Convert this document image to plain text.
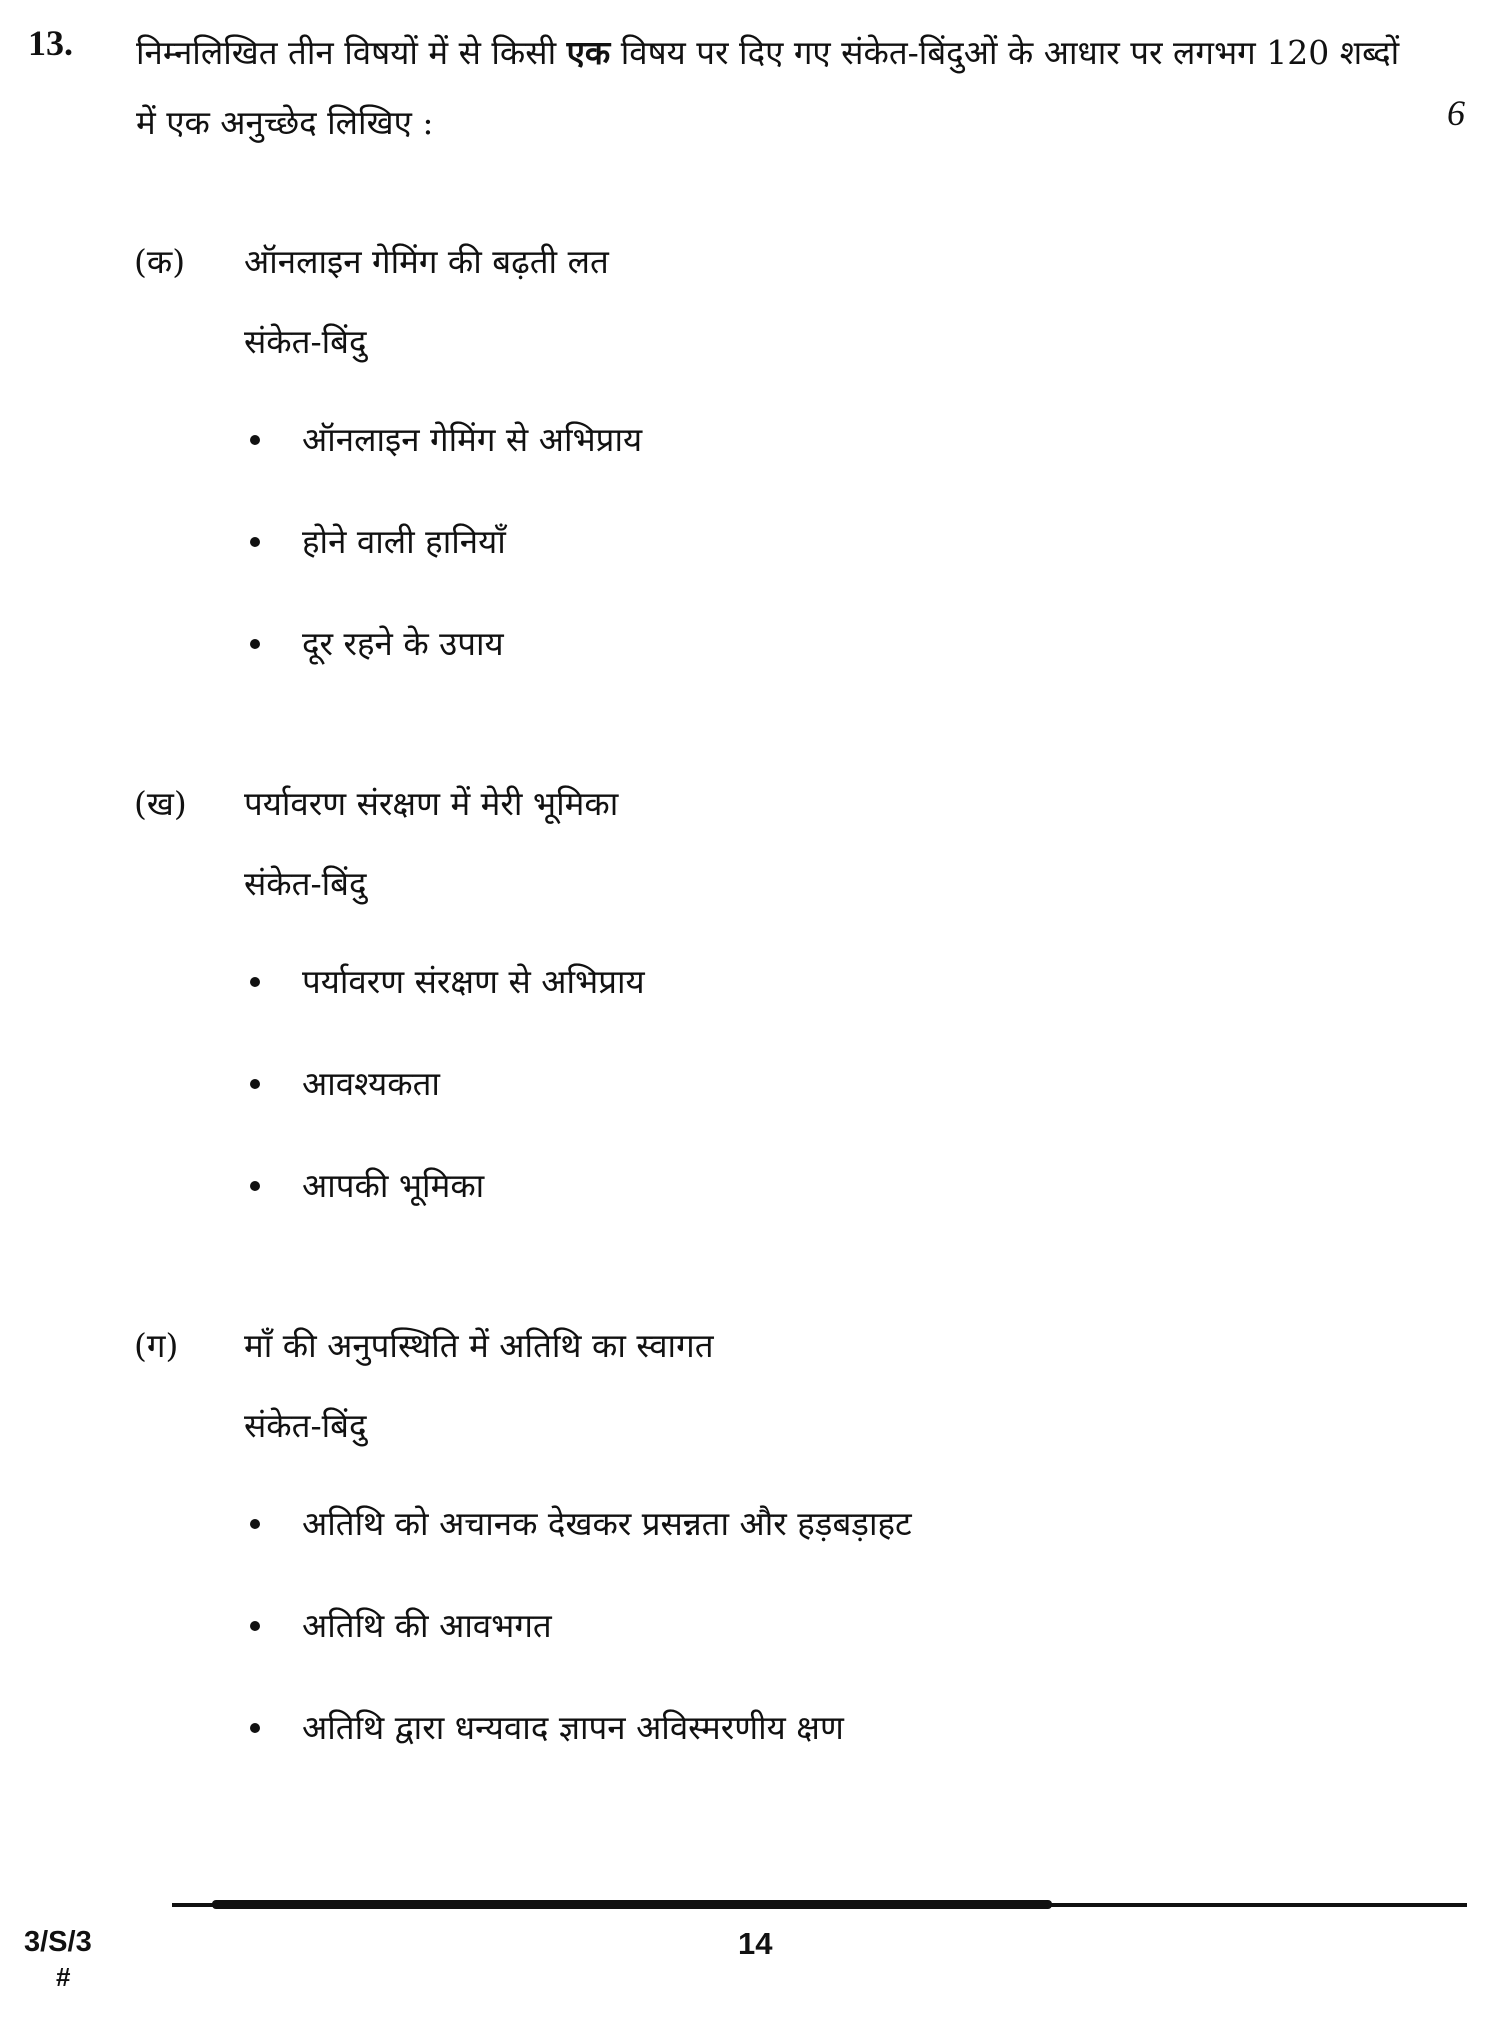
13. निम्नलिखित तीन विषयों में से किसी एक विषय पर दिए गए संकेत-बिंदुओं के आधार पर लगभग 120 शब्दों में एक अनुच्छेद लिखिए :	6
(क) ऑनलाइन गेमिंग की बढ़ती लत
संकेत-बिंदु
ऑनलाइन गेमिंग से अभिप्राय
होने वाली हानियाँ
दूर रहने के उपाय
(ख) पर्यावरण संरक्षण में मेरी भूमिका
संकेत-बिंदु
पर्यावरण संरक्षण से अभिप्राय
आवश्यकता
आपकी भूमिका
(ग) माँ की अनुपस्थिति में अतिथि का स्वागत
संकेत-बिंदु
अतिथि को अचानक देखकर प्रसन्नता और हड़बड़ाहट
अतिथि की आवभगत
अतिथि द्वारा धन्यवाद ज्ञापन अविस्मरणीय क्षण
3/S/3
#
14
